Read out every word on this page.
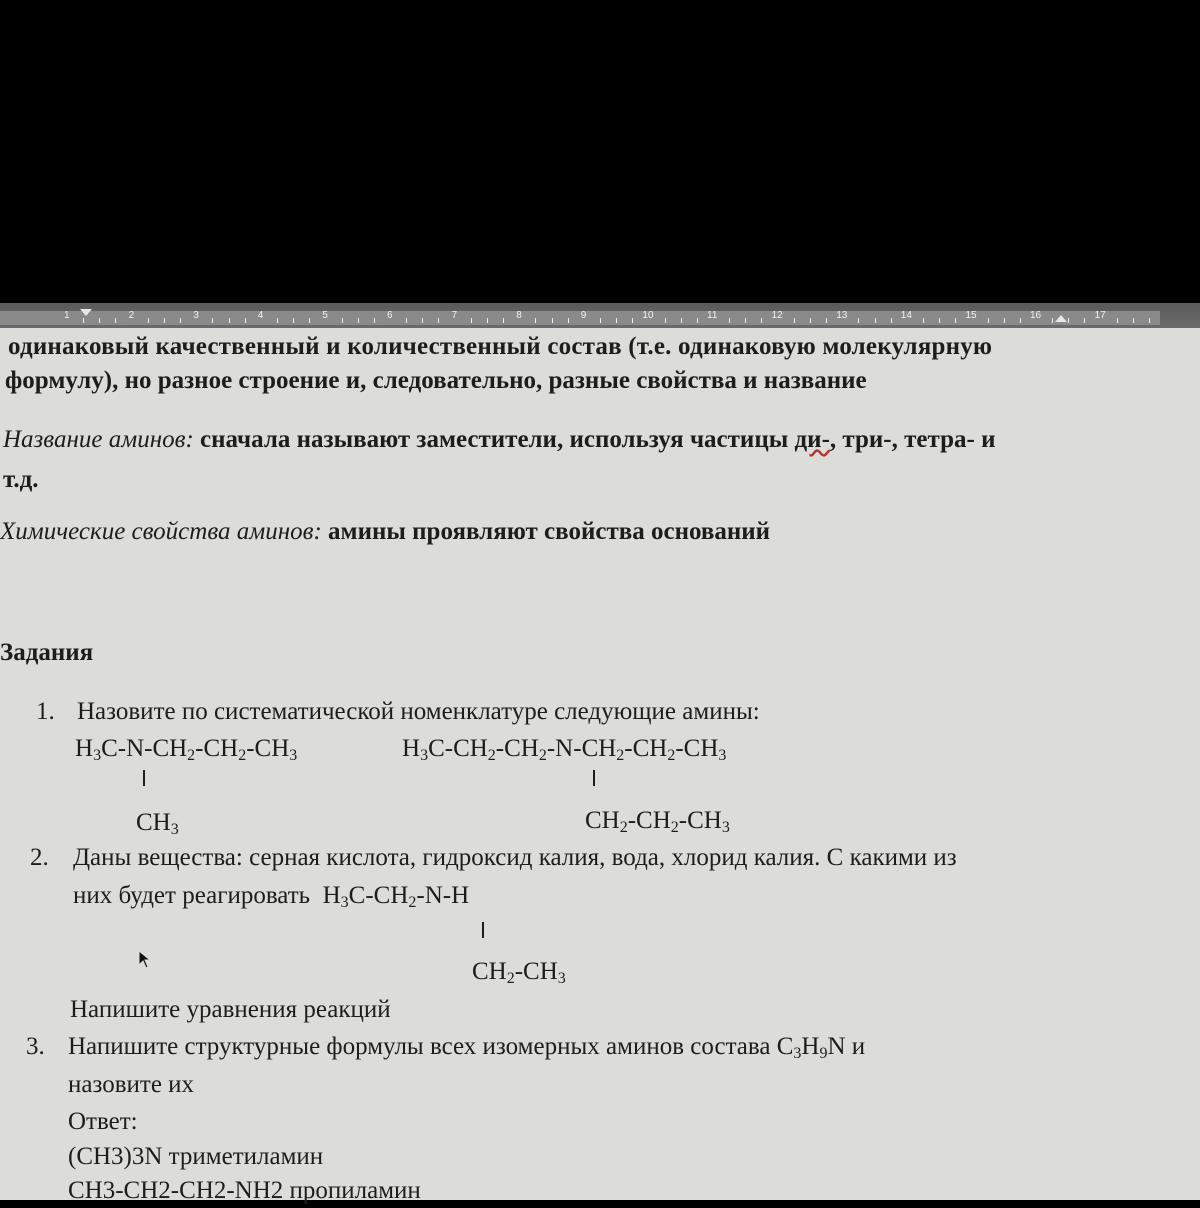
1	2	3	4	5	6	7	8	9	10	11	12	13	14	15	16	17
одинаковый качественный и количественный состав (т.е. одинаковую молекулярную
формулу), но разное строение и, следовательно, разные свойства и название
Название аминов: сначала называют заместители, используя частицы ди-, три-, тетра- и
т.д.
Химические свойства аминов: амины проявляют свойства оснований
Задания
1. Назовите по систематической номенклатуре следующие амины:
$H_3C-N-CH_2-CH_2-CH_3$
$CH_3$
$H_3C-CH_2-CH_2-N-CH_2-CH_2-CH_3$
$CH_2-CH_2-CH_3$
2. Даны вещества: серная кислота, гидроксид калия, вода, хлорид калия. С какими из
них будет реагировать $H_3C-CH_2-N-H$
$CH_2-CH_3$
Напишите уравнения реакций
3. Напишите структурные формулы всех изомерных аминов состава $C_3H_9N$ и
назовите их
Ответ:
(CH3)3N триметиламин
CH3-CH2-CH2-NH2 пропиламин
